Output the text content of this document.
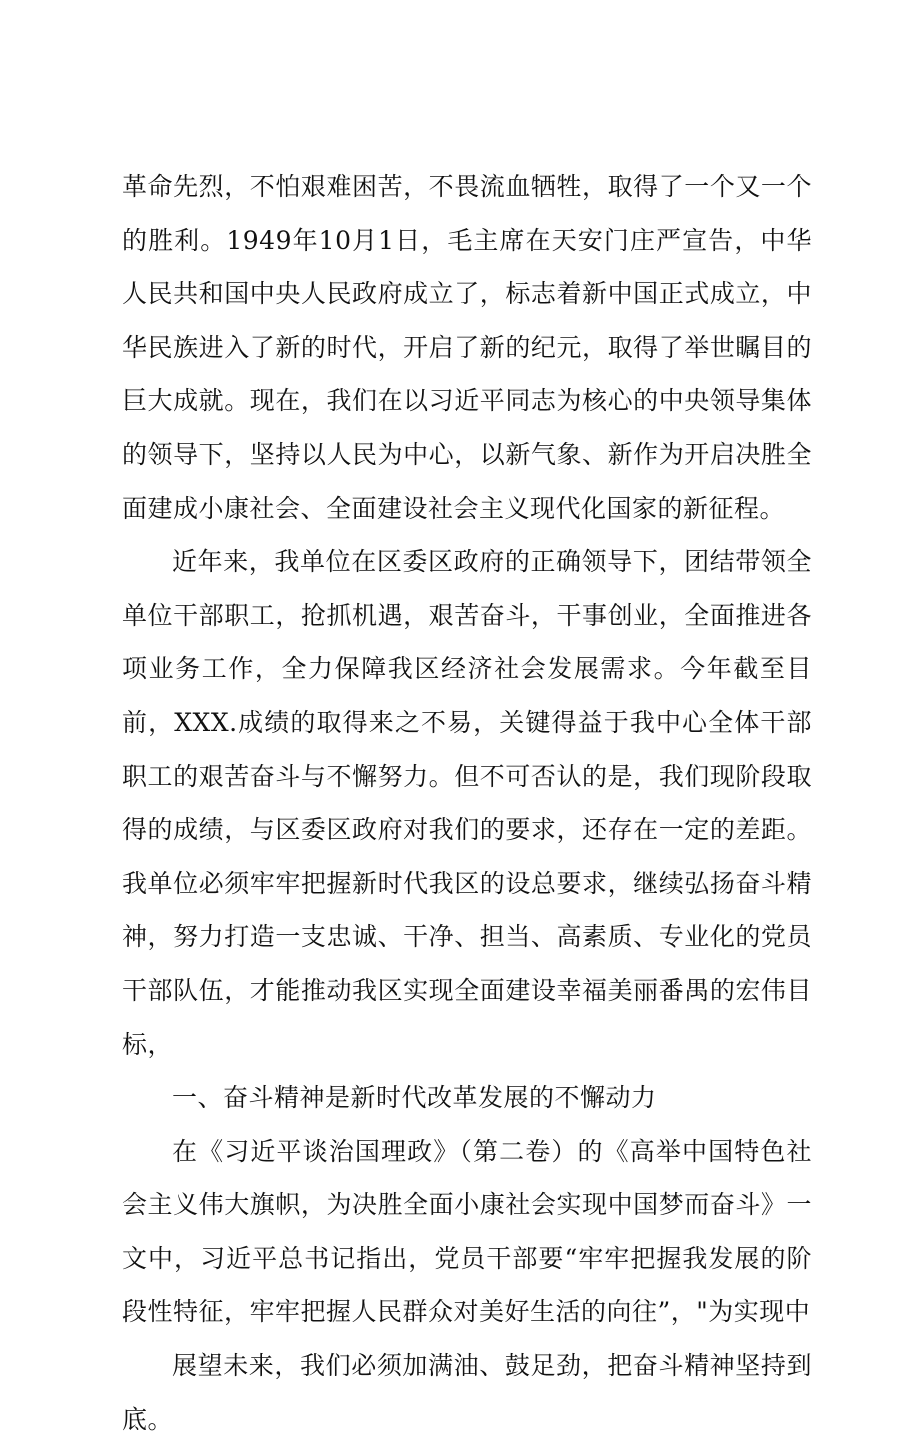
革命先烈，不怕艰难困苦，不畏流血牺牲，取得了一个又一个的胜利。1949年10月1日，毛主席在天安门庄严宣告，中华人民共和国中央人民政府成立了，标志着新中国正式成立，中华民族进入了新的时代，开启了新的纪元，取得了举世瞩目的巨大成就。现在，我们在以习近平同志为核心的中央领导集体的领导下，坚持以人民为中心，以新气象、新作为开启决胜全面建成小康社会、全面建设社会主义现代化国家的新征程。

近年来，我单位在区委区政府的正确领导下，团结带领全单位干部职工，抢抓机遇，艰苦奋斗，干事创业，全面推进各项业务工作，全力保障我区经济社会发展需求。今年截至目前，XXX.成绩的取得来之不易，关键得益于我中心全体干部职工的艰苦奋斗与不懈努力。但不可否认的是，我们现阶段取得的成绩，与区委区政府对我们的要求，还存在一定的差距。我单位必须牢牢把握新时代我区的设总要求，继续弘扬奋斗精神，努力打造一支忠诚、干净、担当、高素质、专业化的党员干部队伍，才能推动我区实现全面建设幸福美丽番禺的宏伟目标，

一、奋斗精神是新时代改革发展的不懈动力

在《习近平谈治国理政》（第二卷）的《高举中国特色社会主义伟大旗帜，为决胜全面小康社会实现中国梦而奋斗》一文中，习近平总书记指出，党员干部要“牢牢把握我发展的阶段性特征，牢牢把握人民群众对美好生活的向往”，"为实现中

展望未来，我们必须加满油、鼓足劲，把奋斗精神坚持到底。
